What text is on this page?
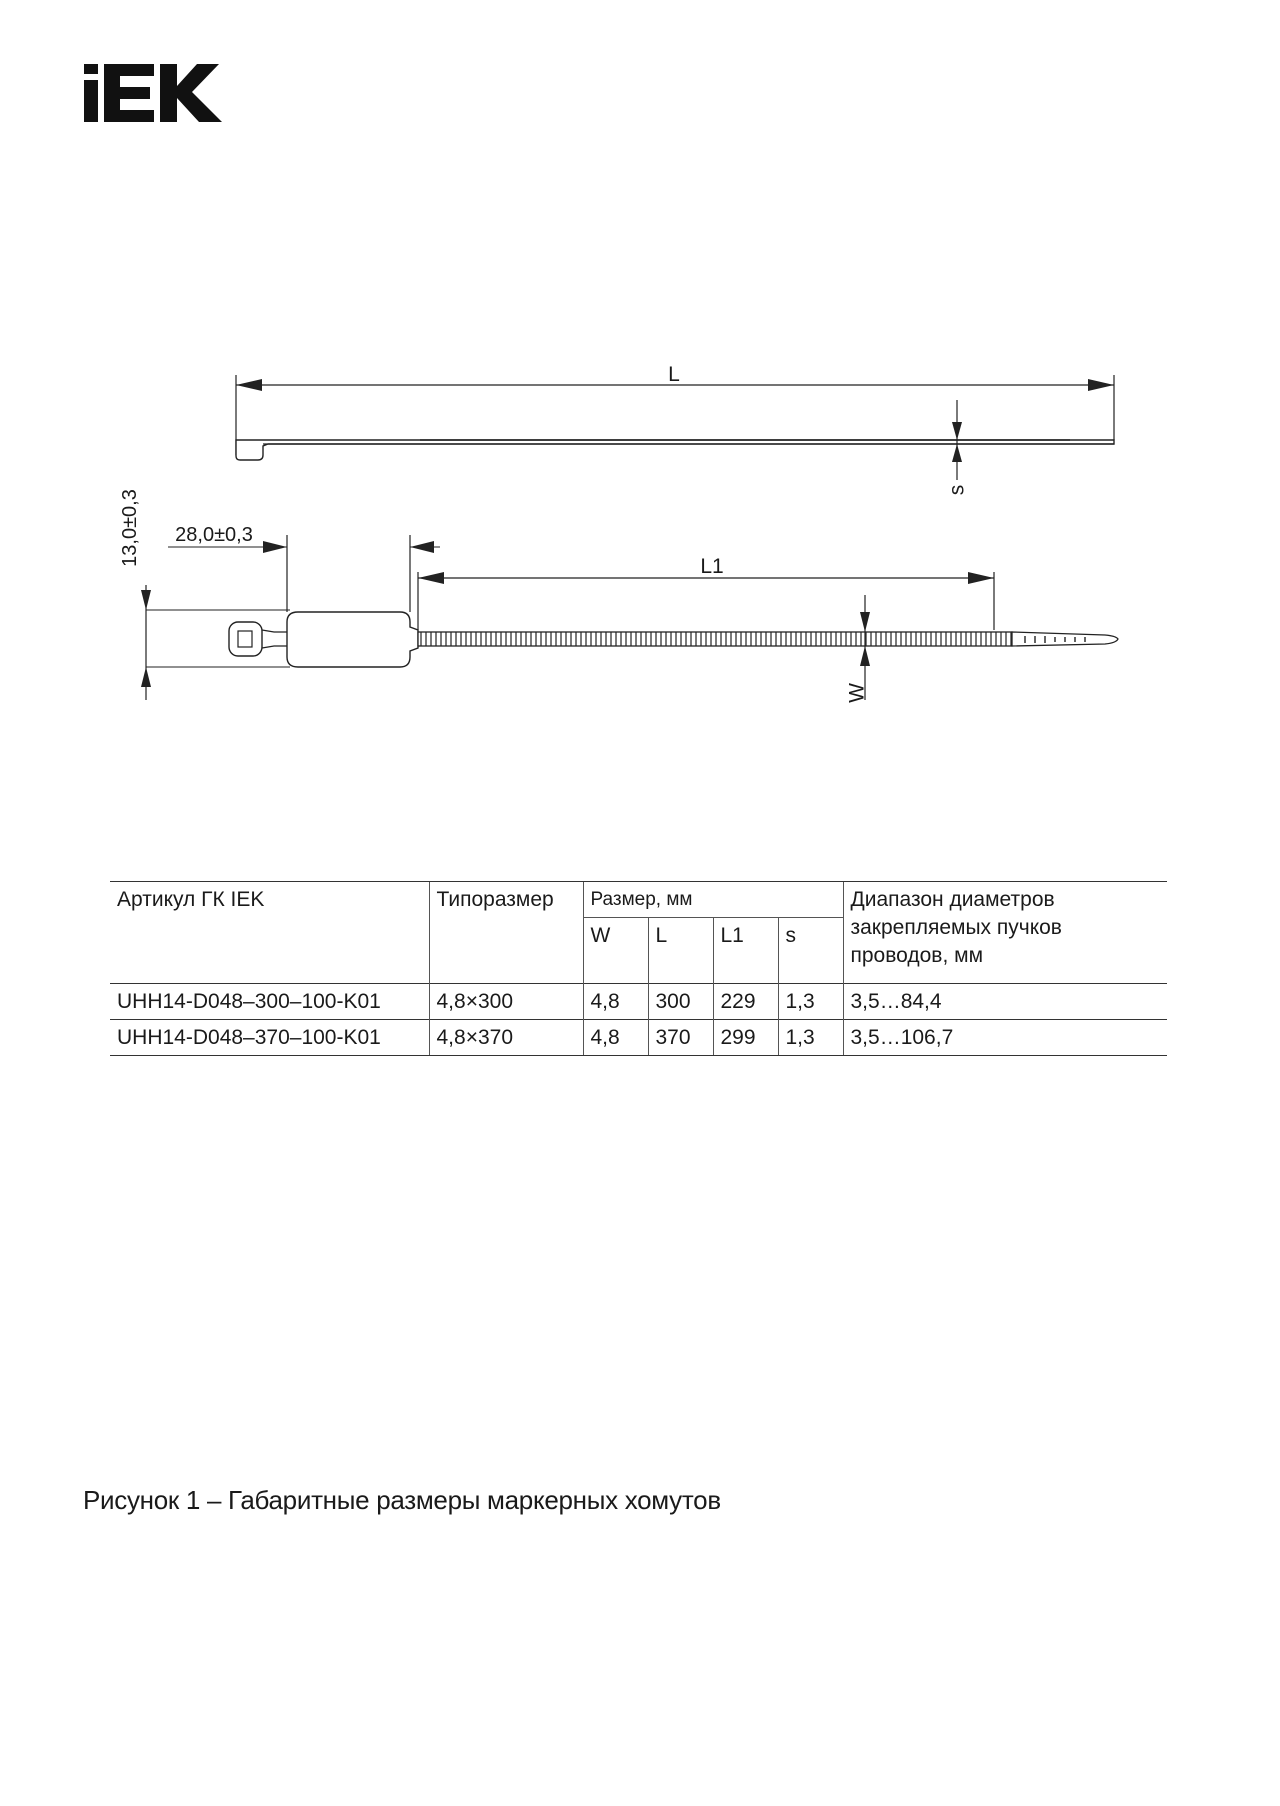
L
s
13,0±0,3 28,0±0,3
L1
W
Артикул ГК IEK	Типоразмер	Размер, мм				Диапазон диаметров закрепляемых пучков проводов, мм
		W	L	L1	s	
UHH14-D048–300–100-K01	4,8×300	4,8	300	229	1,3	3,5…84,4
UHH14-D048–370–100-K01	4,8×370	4,8	370	299	1,3	3,5…106,7
Рисунок 1 – Габаритные размеры маркерных хомутов
